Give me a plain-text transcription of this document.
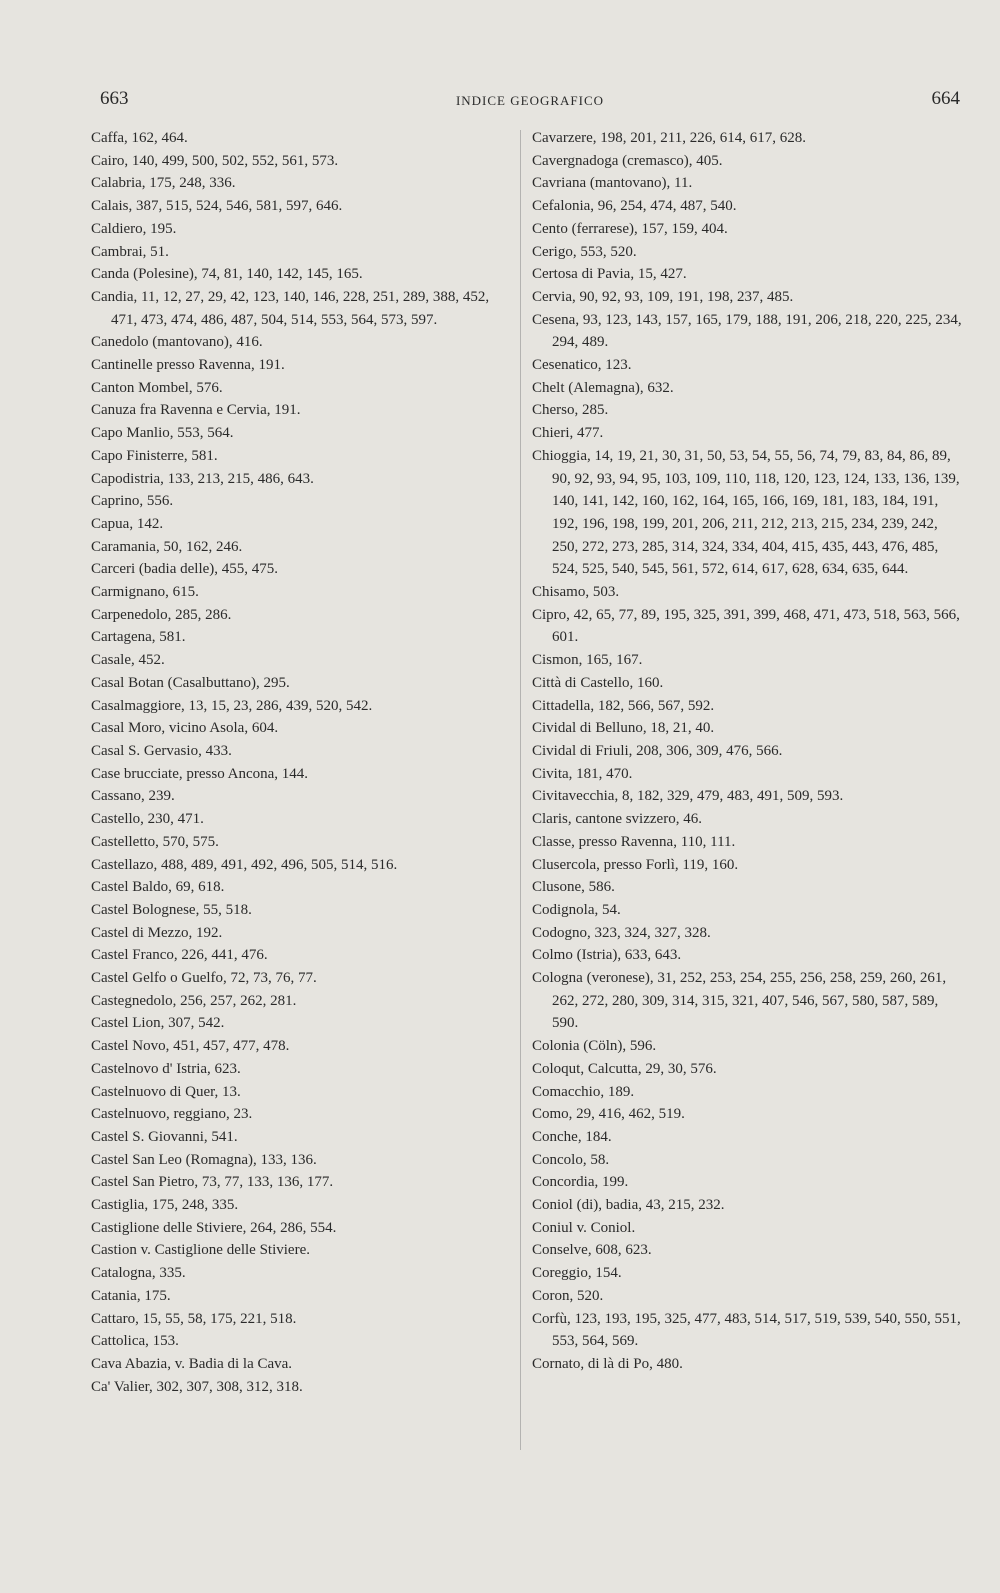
663	INDICE GEOGRAFICO	664
Caffa, 162, 464.
Cairo, 140, 499, 500, 502, 552, 561, 573.
Calabria, 175, 248, 336.
Calais, 387, 515, 524, 546, 581, 597, 646.
Caldiero, 195.
Cambrai, 51.
Canda (Polesine), 74, 81, 140, 142, 145, 165.
Candia, 11, 12, 27, 29, 42, 123, 140, 146, 228, 251, 289, 388, 452, 471, 473, 474, 486, 487, 504, 514, 553, 564, 573, 597.
Canedolo (mantovano), 416.
Cantinelle presso Ravenna, 191.
Canton Mombel, 576.
Canuza fra Ravenna e Cervia, 191.
Capo Manlio, 553, 564.
Capo Finisterre, 581.
Capodistria, 133, 213, 215, 486, 643.
Caprino, 556.
Capua, 142.
Caramania, 50, 162, 246.
Carceri (badia delle), 455, 475.
Carmignano, 615.
Carpenedolo, 285, 286.
Cartagena, 581.
Casale, 452.
Casal Botan (Casalbuttano), 295.
Casalmaggiore, 13, 15, 23, 286, 439, 520, 542.
Casal Moro, vicino Asola, 604.
Casal S. Gervasio, 433.
Case brucciate, presso Ancona, 144.
Cassano, 239.
Castello, 230, 471.
Castelletto, 570, 575.
Castellazo, 488, 489, 491, 492, 496, 505, 514, 516.
Castel Baldo, 69, 618.
Castel Bolognese, 55, 518.
Castel di Mezzo, 192.
Castel Franco, 226, 441, 476.
Castel Gelfo o Guelfo, 72, 73, 76, 77.
Castegnedolo, 256, 257, 262, 281.
Castel Lion, 307, 542.
Castel Novo, 451, 457, 477, 478.
Castelnovo d' Istria, 623.
Castelnuovo di Quer, 13.
Castelnuovo, reggiano, 23.
Castel S. Giovanni, 541.
Castel San Leo (Romagna), 133, 136.
Castel San Pietro, 73, 77, 133, 136, 177.
Castiglia, 175, 248, 335.
Castiglione delle Stiviere, 264, 286, 554.
Castion v. Castiglione delle Stiviere.
Catalogna, 335.
Catania, 175.
Cattaro, 15, 55, 58, 175, 221, 518.
Cattolica, 153.
Cava Abazia, v. Badia di la Cava.
Ca' Valier, 302, 307, 308, 312, 318.
Cavarzere, 198, 201, 211, 226, 614, 617, 628.
Cavergnadoga (cremasco), 405.
Cavriana (mantovano), 11.
Cefalonia, 96, 254, 474, 487, 540.
Cento (ferrarese), 157, 159, 404.
Cerigo, 553, 520.
Certosa di Pavia, 15, 427.
Cervia, 90, 92, 93, 109, 191, 198, 237, 485.
Cesena, 93, 123, 143, 157, 165, 179, 188, 191, 206, 218, 220, 225, 234, 294, 489.
Cesenatico, 123.
Chelt (Alemagna), 632.
Cherso, 285.
Chieri, 477.
Chioggia, 14, 19, 21, 30, 31, 50, 53, 54, 55, 56, 74, 79, 83, 84, 86, 89, 90, 92, 93, 94, 95, 103, 109, 110, 118, 120, 123, 124, 133, 136, 139, 140, 141, 142, 160, 162, 164, 165, 166, 169, 181, 183, 184, 191, 192, 196, 198, 199, 201, 206, 211, 212, 213, 215, 234, 239, 242, 250, 272, 273, 285, 314, 324, 334, 404, 415, 435, 443, 476, 485, 524, 525, 540, 545, 561, 572, 614, 617, 628, 634, 635, 644.
Chisamo, 503.
Cipro, 42, 65, 77, 89, 195, 325, 391, 399, 468, 471, 473, 518, 563, 566, 601.
Cismon, 165, 167.
Città di Castello, 160.
Cittadella, 182, 566, 567, 592.
Cividal di Belluno, 18, 21, 40.
Cividal di Friuli, 208, 306, 309, 476, 566.
Civita, 181, 470.
Civitavecchia, 8, 182, 329, 479, 483, 491, 509, 593.
Claris, cantone svizzero, 46.
Classe, presso Ravenna, 110, 111.
Clusercola, presso Forlì, 119, 160.
Clusone, 586.
Codignola, 54.
Codogno, 323, 324, 327, 328.
Colmo (Istria), 633, 643.
Cologna (veronese), 31, 252, 253, 254, 255, 256, 258, 259, 260, 261, 262, 272, 280, 309, 314, 315, 321, 407, 546, 567, 580, 587, 589, 590.
Colonia (Cöln), 596.
Coloqut, Calcutta, 29, 30, 576.
Comacchio, 189.
Como, 29, 416, 462, 519.
Conche, 184.
Concolo, 58.
Concordia, 199.
Coniol (di), badia, 43, 215, 232.
Coniul v. Coniol.
Conselve, 608, 623.
Coreggio, 154.
Coron, 520.
Corfù, 123, 193, 195, 325, 477, 483, 514, 517, 519, 539, 540, 550, 551, 553, 564, 569.
Cornato, di là di Po, 480.
